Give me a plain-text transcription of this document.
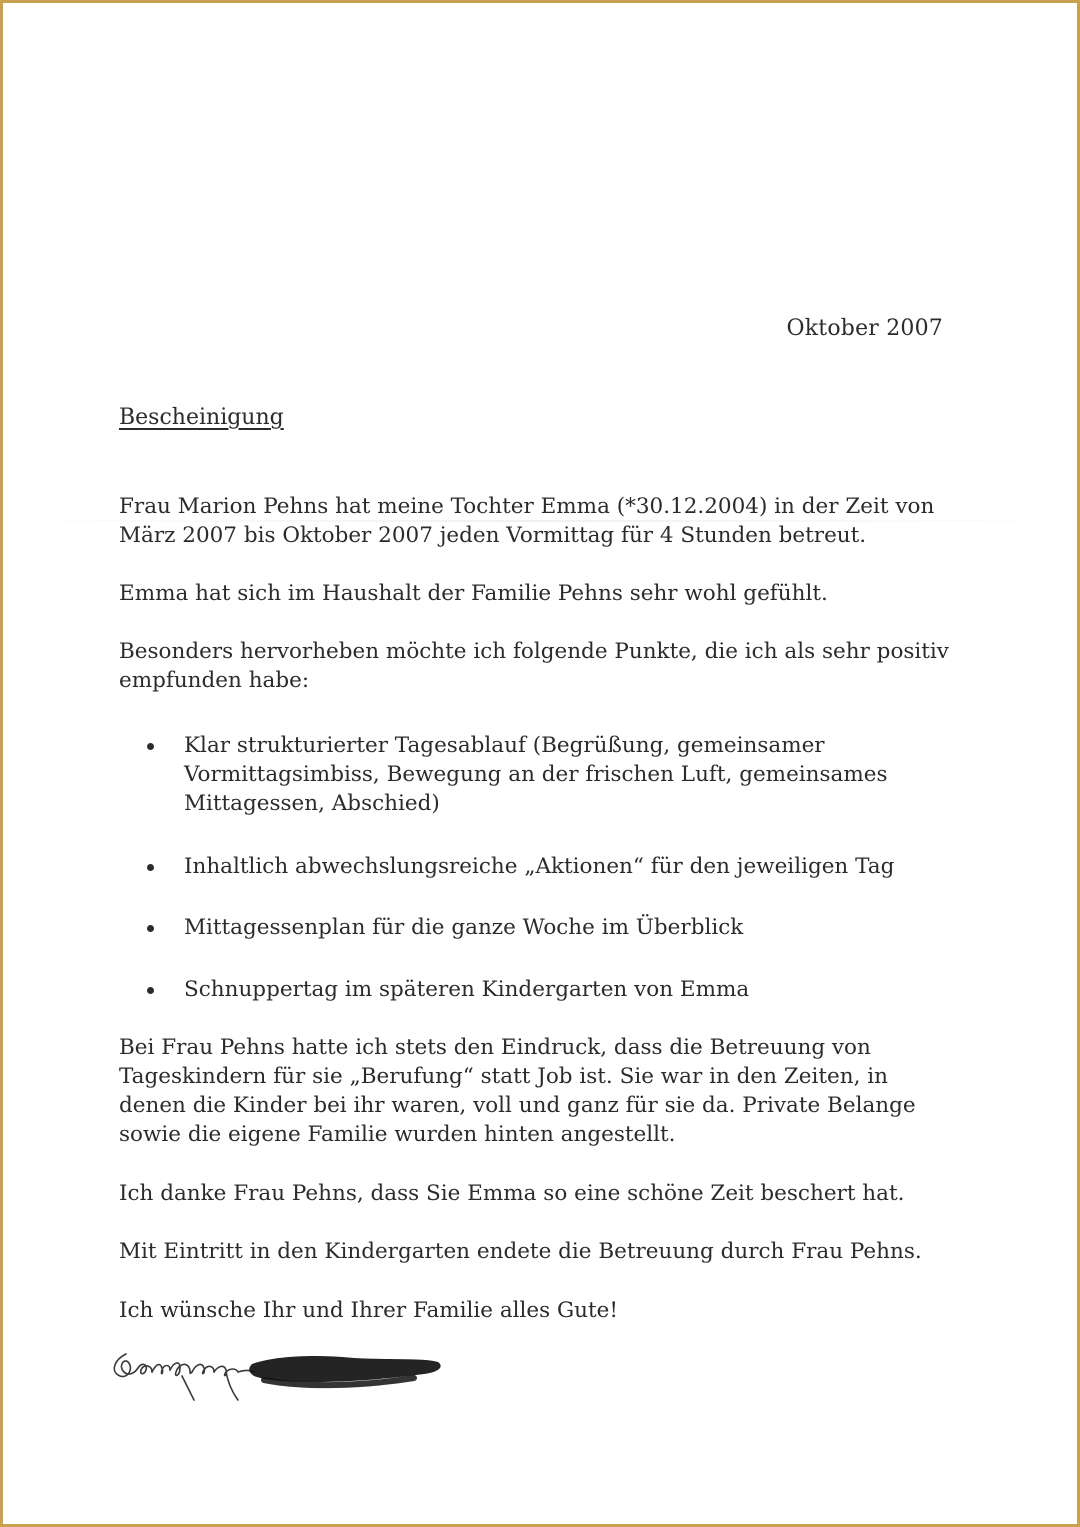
Oktober 2007
Bescheinigung
Frau Marion Pehns hat meine Tochter Emma (*30.12.2004) in der Zeit von
März 2007 bis Oktober 2007 jeden Vormittag für 4 Stunden betreut.
Emma hat sich im Haushalt der Familie Pehns sehr wohl gefühlt.
Besonders hervorheben möchte ich folgende Punkte, die ich als sehr positiv
empfunden habe:
Klar strukturierter Tagesablauf (Begrüßung, gemeinsamer
Vormittagsimbiss, Bewegung an der frischen Luft, gemeinsames
Mittagessen, Abschied)
Inhaltlich abwechslungsreiche „Aktionen“ für den jeweiligen Tag
Mittagessenplan für die ganze Woche im Überblick
Schnuppertag im späteren Kindergarten von Emma
Bei Frau Pehns hatte ich stets den Eindruck, dass die Betreuung von
Tageskindern für sie „Berufung“ statt Job ist. Sie war in den Zeiten, in
denen die Kinder bei ihr waren, voll und ganz für sie da. Private Belange
sowie die eigene Familie wurden hinten angestellt.
Ich danke Frau Pehns, dass Sie Emma so eine schöne Zeit beschert hat.
Mit Eintritt in den Kindergarten endete die Betreuung durch Frau Pehns.
Ich wünsche Ihr und Ihrer Familie alles Gute!
